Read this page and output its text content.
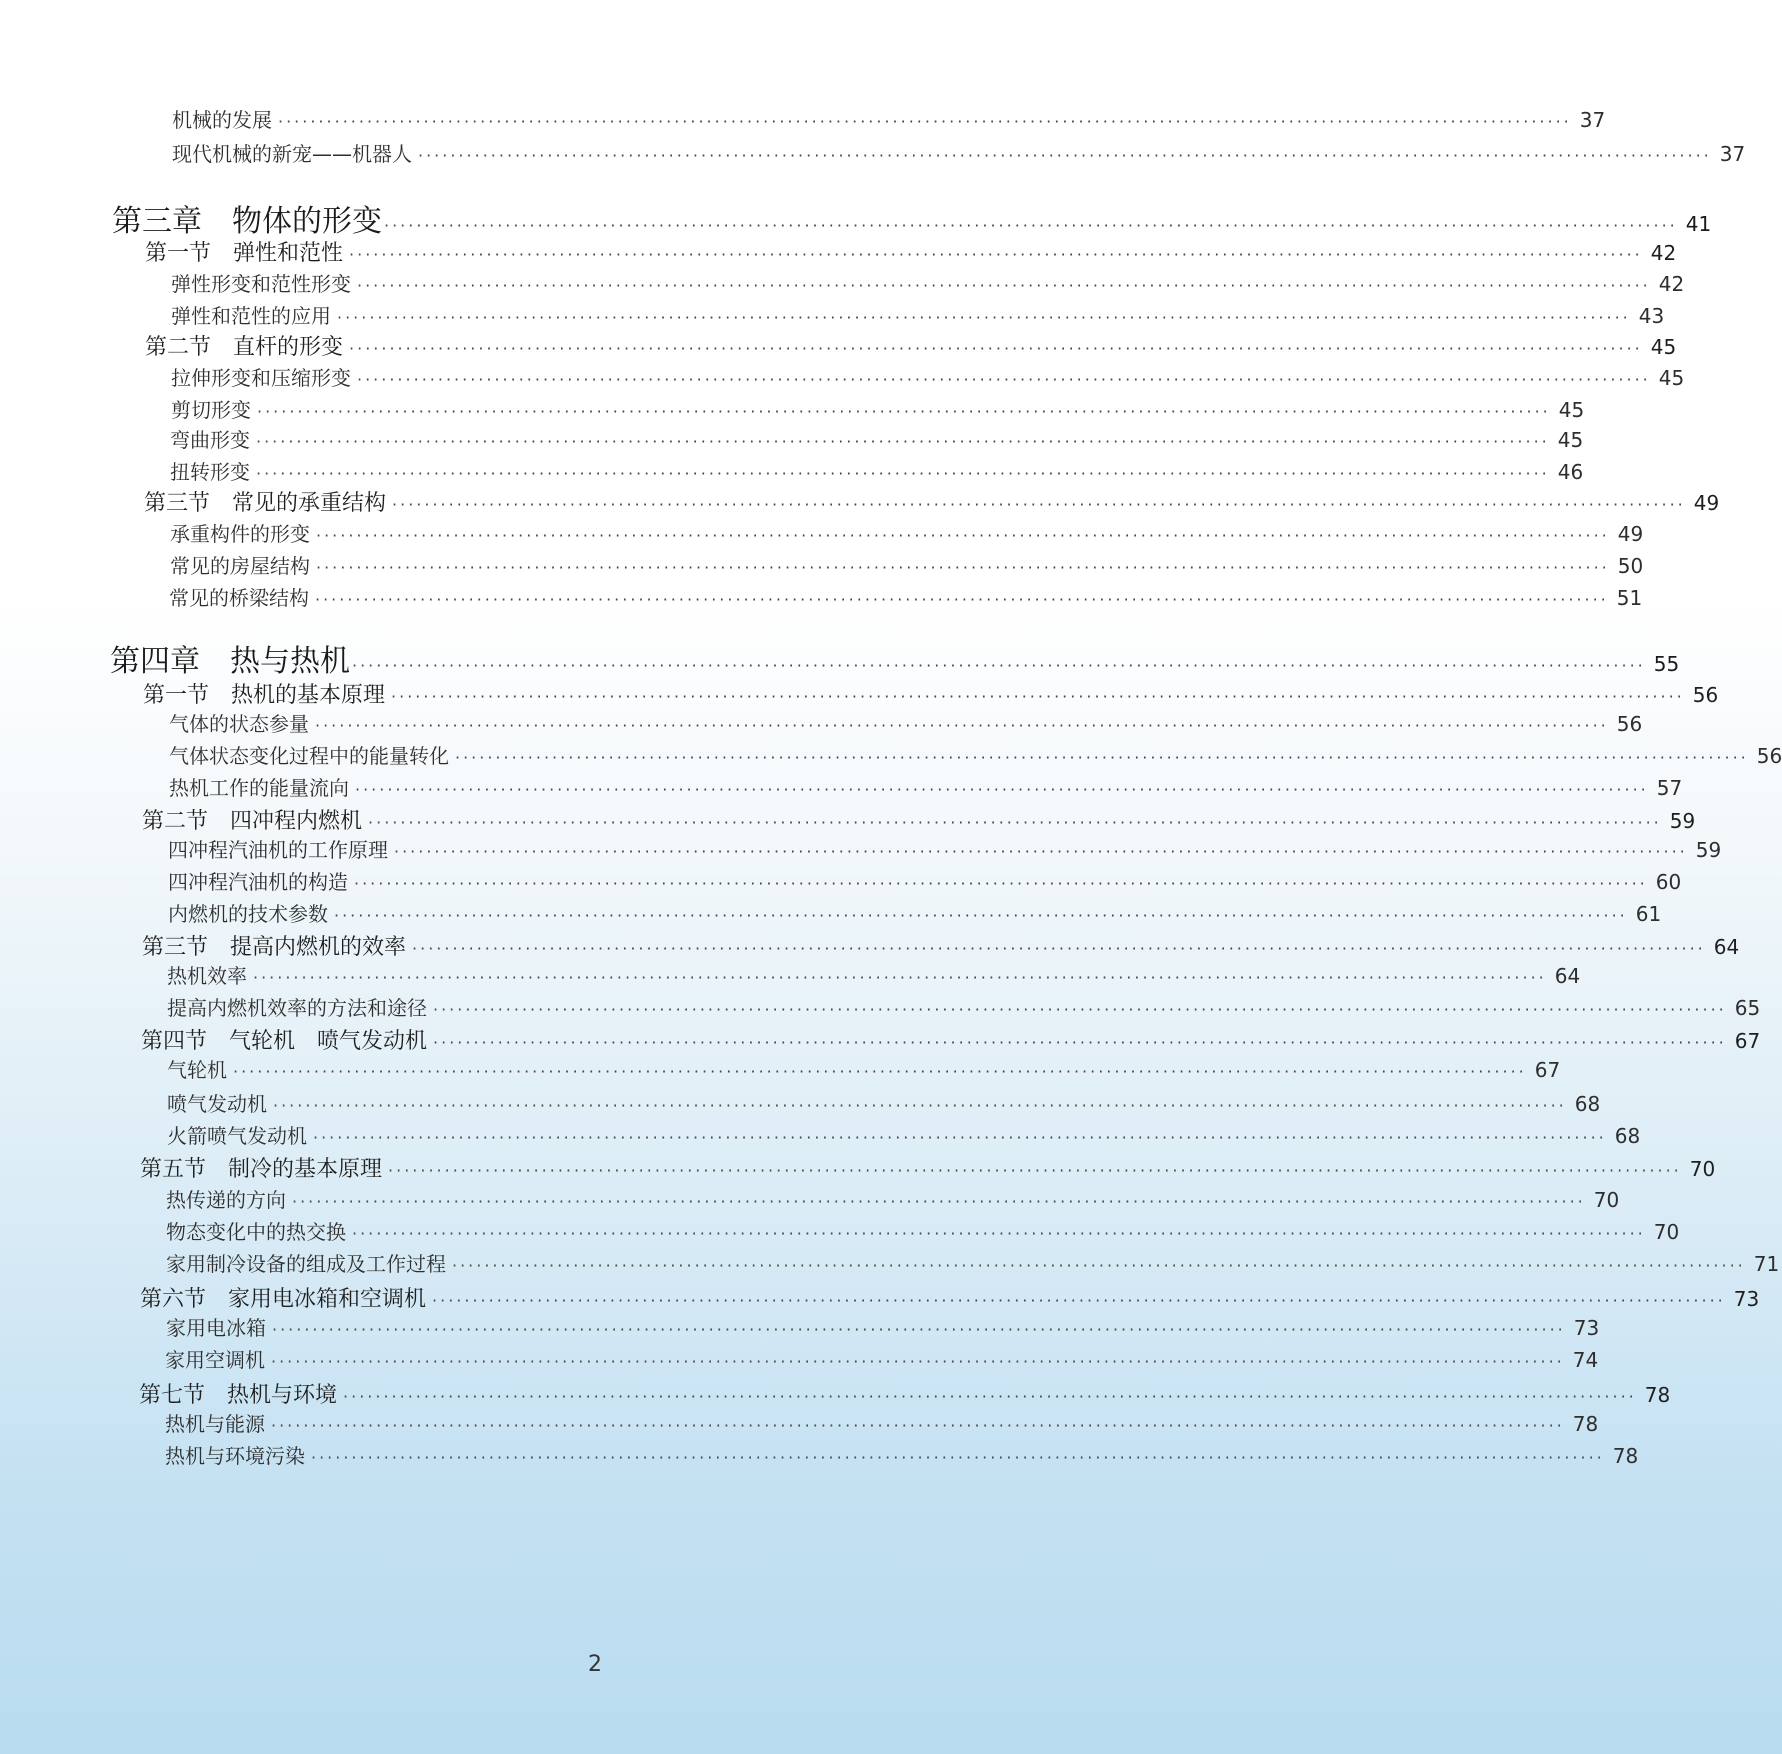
机械的发展 ································································································································································ 37
现代机械的新宠——机器人 ································································································································································ 37
第三章　物体的形变 ································································································································································ 41
第一节　弹性和范性 ································································································································································ 42
弹性形变和范性形变 ································································································································································ 42
弹性和范性的应用 ································································································································································ 43
第二节　直杆的形变 ································································································································································ 45
拉伸形变和压缩形变 ································································································································································ 45
剪切形变 ································································································································································ 45
弯曲形变 ································································································································································ 45
扭转形变 ································································································································································ 46
第三节　常见的承重结构 ································································································································································ 49
承重构件的形变 ································································································································································ 49
常见的房屋结构 ································································································································································ 50
常见的桥梁结构 ································································································································································ 51
第四章　热与热机 ································································································································································ 55
第一节　热机的基本原理 ································································································································································ 56
气体的状态参量 ································································································································································ 56
气体状态变化过程中的能量转化 ································································································································································ 56
热机工作的能量流向 ································································································································································ 57
第二节　四冲程内燃机 ································································································································································ 59
四冲程汽油机的工作原理 ································································································································································ 59
四冲程汽油机的构造 ································································································································································ 60
内燃机的技术参数 ································································································································································ 61
第三节　提高内燃机的效率 ································································································································································ 64
热机效率 ································································································································································ 64
提高内燃机效率的方法和途径 ································································································································································ 65
第四节　气轮机　喷气发动机 ································································································································································ 67
气轮机 ································································································································································ 67
喷气发动机 ································································································································································ 68
火箭喷气发动机 ································································································································································ 68
第五节　制冷的基本原理 ································································································································································ 70
热传递的方向 ································································································································································ 70
物态变化中的热交换 ································································································································································ 70
家用制冷设备的组成及工作过程 ································································································································································ 71
第六节　家用电冰箱和空调机 ································································································································································ 73
家用电冰箱 ································································································································································ 73
家用空调机 ································································································································································ 74
第七节　热机与环境 ································································································································································ 78
热机与能源 ································································································································································ 78
热机与环境污染 ································································································································································ 78
2
